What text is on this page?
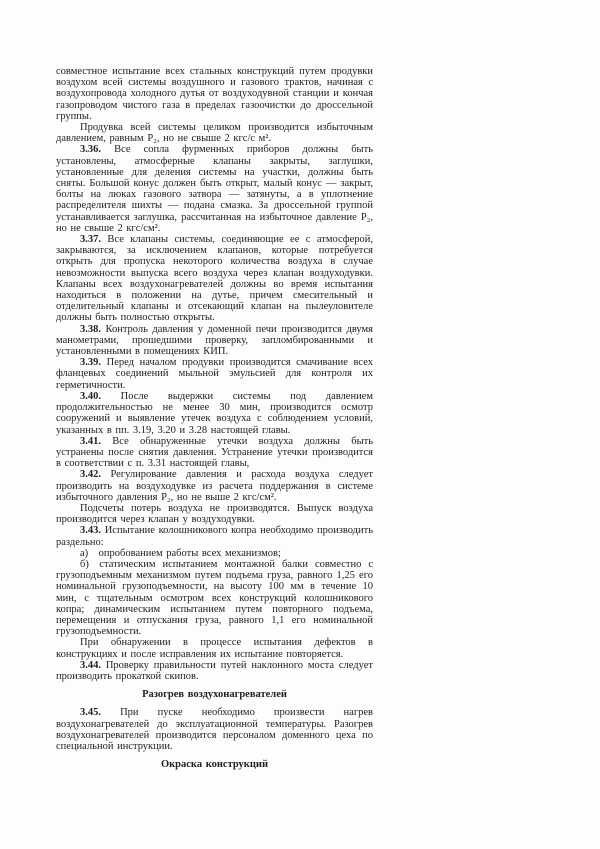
совместное испытание всех стальных конструкций путем продувки воздухом всей системы воздушного и газового трактов, начиная с воздухопровода холодного дутья от воздуходувной станции и кончая газопроводом чистого газа в пределах газоочистки до дроссельной группы.

Продувка всей системы целиком производится избыточным давлением, равным Р₂, но не свыше 2 кгс/с м².

3.36. Все сопла фурменных приборов должны быть установлены, атмосферные клапаны закрыты, заглушки, установленные для деления системы на участки, должны быть сняты. Большой конус должен быть открыт, малый конус — закрыт, болты на люках газового затвора — затянуты, а в уплотнение распределителя шихты — подана смазка. За дроссельной группой устанавливается заглушка, рассчитанная на избыточное давление Р₂, но не свыше 2 кгс/см².

3.37. Все клапаны системы, соединяющие ее с атмосферой, закрываются, за исключением клапанов, которые потребуется открыть для пропуска некоторого количества воздуха в случае невозможности выпуска всего воздуха через клапан воздуходувки. Клапаны всех воздухонагревателей должны во время испытания находиться в положении на дутье, причем смесительный и отделительный клапаны и отсекающий клапан на пылеуловителе должны быть полностью открыты.

3.38. Контроль давления у доменной печи производится двумя манометрами, прошедшими проверку, запломбированными и установленными в помещениях КИП.

3.39. Перед началом продувки производится смачивание всех фланцевых соединений мыльной эмульсией для контроля их герметичности.

3.40. После выдержки системы под давлением продолжительностью не менее 30 мин, производится осмотр сооружений и выявление утечек воздуха с соблюдением условий, указанных в пп. 3.19, 3.20 и 3.28 настоящей главы.

3.41. Все обнаруженные утечки воздуха должны быть устранены после снятия давления. Устранение утечки производится в соответствии с п. 3.31 настоящей главы,

3.42. Регулирование давления и расхода воздуха следует производить на воздуходувке из расчета поддержания в системе избыточного давления Р₂, но не выше 2 кгс/см².

Подсчеты потерь воздуха не производятся. Выпуск воздуха производится через клапан у воздуходувки.

3.43. Испытание колошникового копра необходимо производить раздельно:

а) опробованием работы всех механизмов;

б) статическим испытанием монтажной балки совместно с грузоподъемным механизмом путем подъема груза, равного 1,25 его номинальной грузоподъемности, на высоту 100 мм в течение 10 мин, с тщательным осмотром всех конструкций колошникового копра; динамическим испытанием путем повторного подъема, перемещения и отпускания груза, равного 1,1 его номинальной грузоподъемности.

При обнаружении в процессе испытания дефектов в конструкциях и после исправления их испытание повторяется.

3.44. Проверку правильности путей наклонного моста следует производить прокаткой скипов.

Разогрев воздухонагревателей

3.45. При пуске необходимо произвести нагрев воздухонагревателей до эксплуатационной температуры. Разогрев воздухонагревателей производится персоналом доменного цеха по специальной инструкции.

Окраска конструкций
